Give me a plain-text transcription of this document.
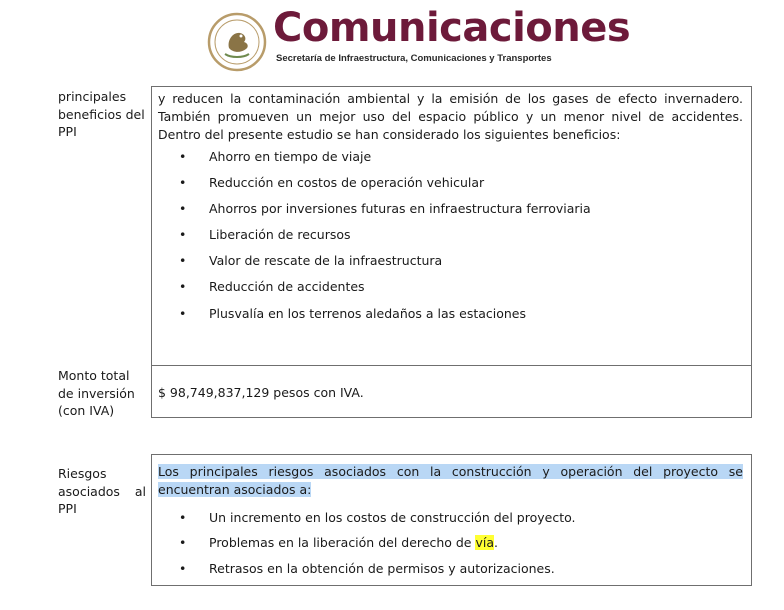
Comunicaciones
Secretaría de Infraestructura, Comunicaciones y Transportes
principales
beneficios del
PPI
y reducen la contaminación ambiental y la emisión de los gases de efecto invernadero. También promueven un mejor uso del espacio público y un menor nivel de accidentes. Dentro del presente estudio se han considerado los siguientes beneficios:
• Ahorro en tiempo de viaje
• Reducción en costos de operación vehicular
• Ahorros por inversiones futuras en infraestructura ferroviaria
• Liberación de recursos
• Valor de rescate de la infraestructura
• Reducción de accidentes
• Plusvalía en los terrenos aledaños a las estaciones
Monto total
de inversión
(con IVA)
$ 98,749,837,129 pesos con IVA.
Riesgos
asociados al
PPI
Los principales riesgos asociados con la construcción y operación del proyecto se encuentran asociados a:
• Un incremento en los costos de construcción del proyecto.
• Problemas en la liberación del derecho de vía.
• Retrasos en la obtención de permisos y autorizaciones.
